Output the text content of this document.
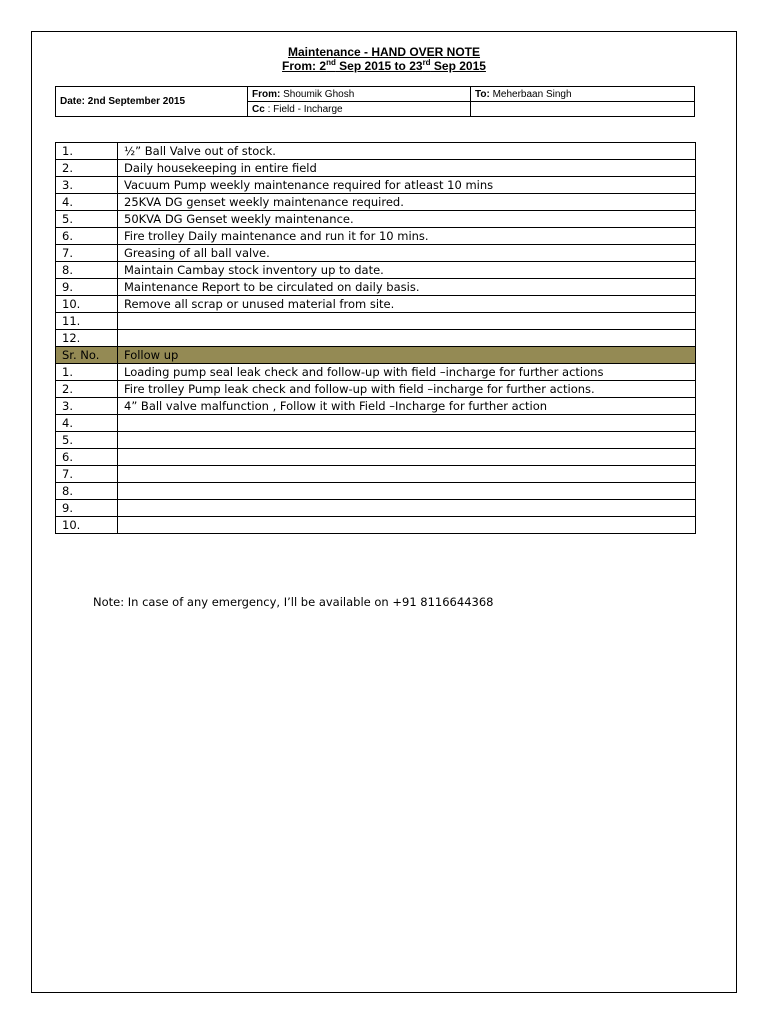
Maintenance - HAND OVER NOTE
From: 2nd Sep 2015 to 23rd Sep 2015
Date: 2nd September 2015	From: Shoumik Ghosh	To: Meherbaan Singh
	Cc : Field - Incharge	
1.	½” Ball Valve out of stock.
2.	Daily housekeeping in entire field
3.	Vacuum Pump weekly maintenance required for atleast 10 mins
4.	25KVA DG genset weekly maintenance required.
5.	50KVA DG Genset weekly maintenance.
6.	Fire trolley Daily maintenance and run it for 10 mins.
7.	Greasing of all ball valve.
8.	Maintain Cambay stock inventory up to date.
9.	Maintenance Report to be circulated on daily basis.
10.	Remove all scrap or unused material from site.
11.	
12.	
Sr. No.	Follow up
1.	Loading pump seal leak check and follow-up with field –incharge for further actions
2.	Fire trolley Pump leak check and follow-up with field –incharge for further actions.
3.	4” Ball valve malfunction , Follow it with Field –Incharge for further action
4.	
5.	
6.	
7.	
8.	
9.	
10.	
Note: In case of any emergency, I’ll be available on +91 8116644368
